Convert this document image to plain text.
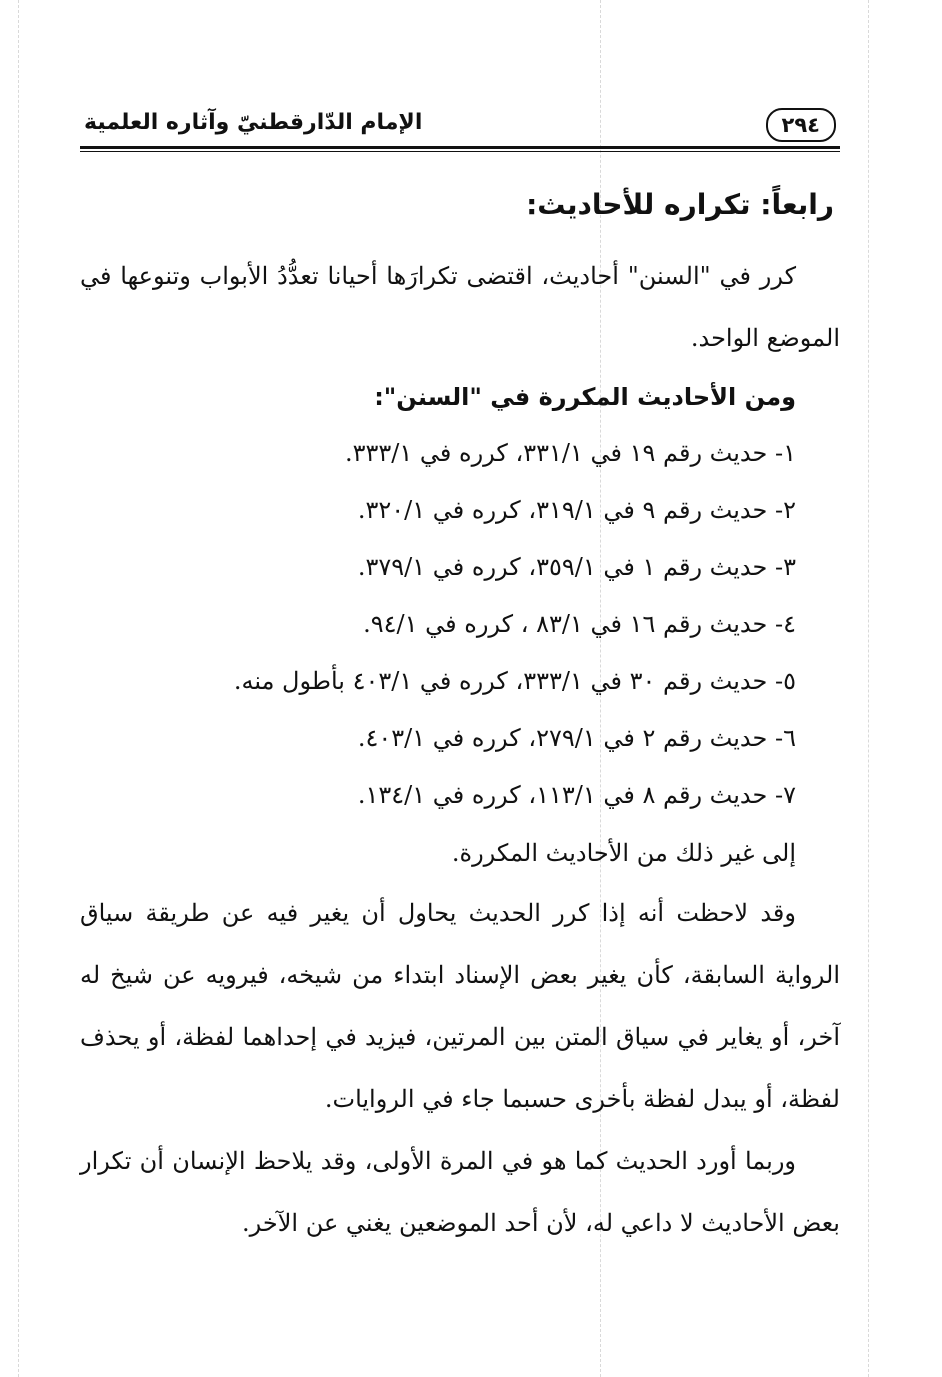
الإمام الدّارقطنيّ وآثاره العلمية	٢٩٤
رابعاً: تكراره للأحاديث:

كرر في "السنن" أحاديث، اقتضى تكرارَها أحيانا تعدُّدُ الأبواب وتنوعها في الموضع الواحد.

ومن الأحاديث المكررة في "السنن":

١- حديث رقم ١٩ في ٣٣١/١، كرره في ٣٣٣/١.
٢- حديث رقم ٩ في ٣١٩/١، كرره في ٣٢٠/١.
٣- حديث رقم ١ في ٣٥٩/١، كرره في ٣٧٩/١.
٤- حديث رقم ١٦ في ٨٣/١ ، كرره في ٩٤/١.
٥- حديث رقم ٣٠ في ٣٣٣/١، كرره في ٤٠٣/١ بأطول منه.
٦- حديث رقم ٢ في ٢٧٩/١، كرره في ٤٠٣/١.
٧- حديث رقم ٨ في ١١٣/١، كرره في ١٣٤/١.

إلى غير ذلك من الأحاديث المكررة.

وقد لاحظت أنه إذا كرر الحديث يحاول أن يغير فيه عن طريقة سياق الرواية السابقة، كأن يغير بعض الإسناد ابتداء من شيخه، فيرويه عن شيخ له آخر، أو يغاير في سياق المتن بين المرتين، فيزيد في إحداهما لفظة، أو يحذف لفظة، أو يبدل لفظة بأخرى حسبما جاء في الروايات.

وربما أورد الحديث كما هو في المرة الأولى، وقد يلاحظ الإنسان أن تكرار بعض الأحاديث لا داعي له، لأن أحد الموضعين يغني عن الآخر.
